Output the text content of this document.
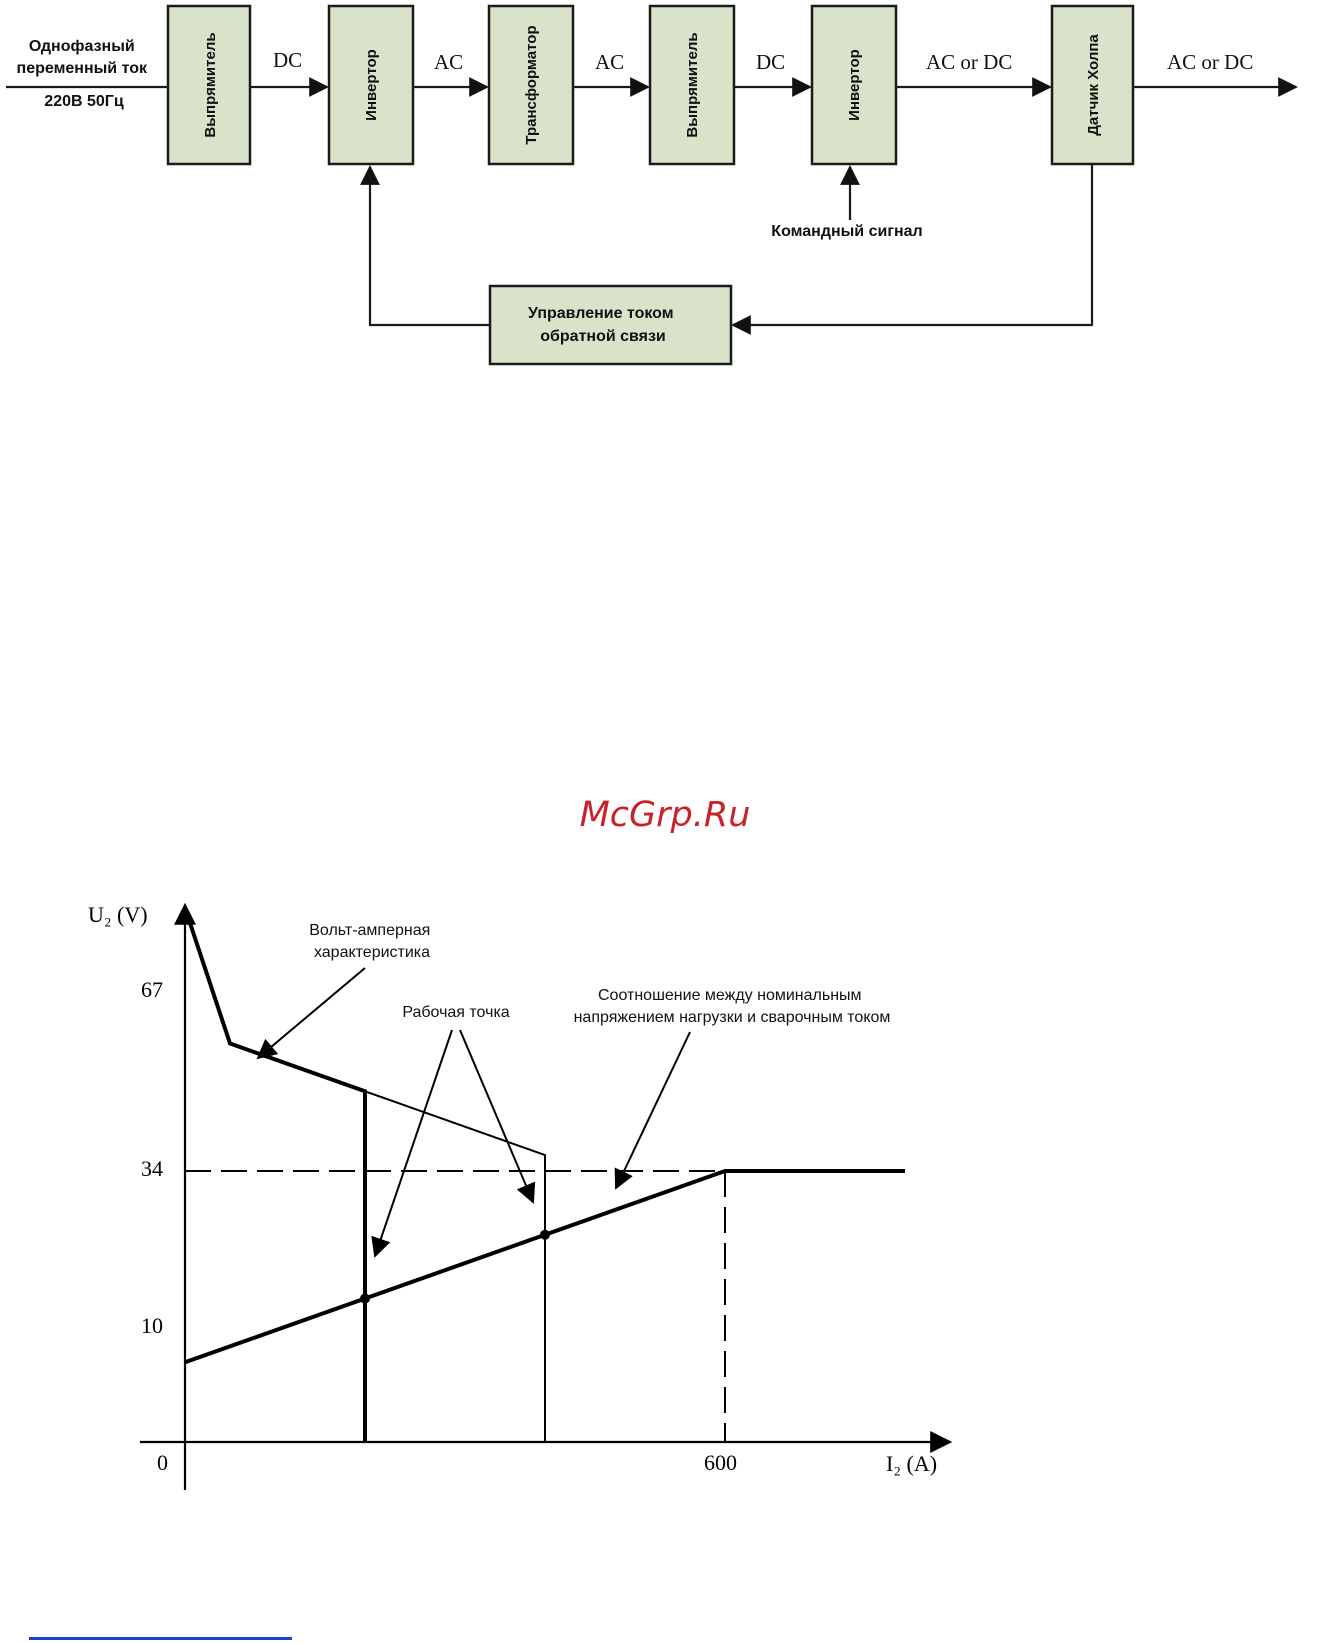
Однофазный переменный ток 220В 50Гц
DC	AC	AC	DC	AC or DC	AC or DC
Выпрямитель	Инвертор	Трансформатор	Выпрямитель	Инвертор	Датчик Холпа
Командный сигнал
Управление током обратной связи
McGrp.Ru
U₂ (V)
I₂ (A)
0	600
67
34
10
Вольт-амперная характеристика
Рабочая точка
Соотношение между номинальным напряжением нагрузки и сварочным током
